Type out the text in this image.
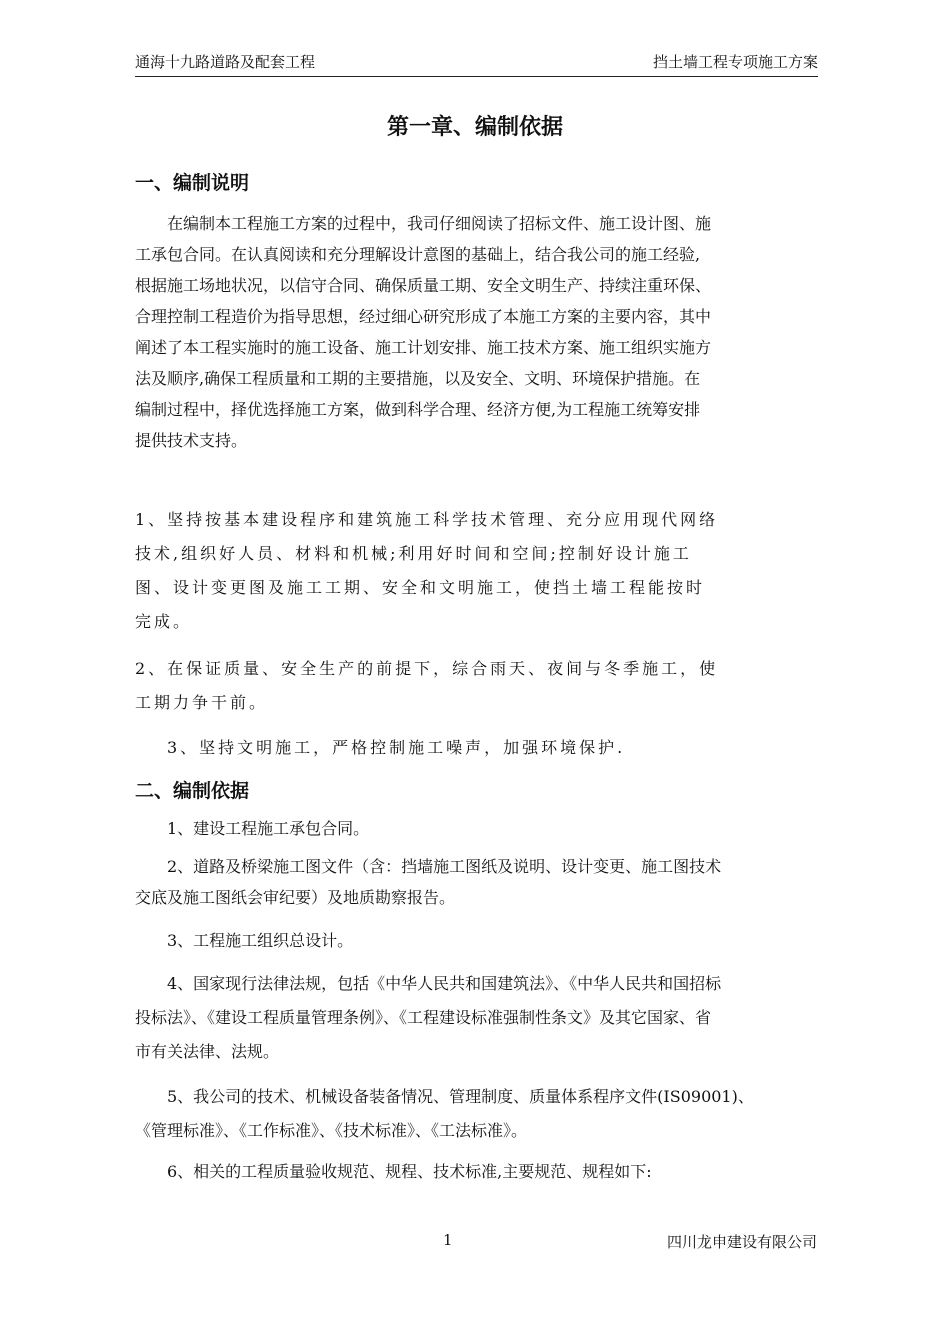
通海十九路道路及配套工程	挡土墙工程专项施工方案
第一章、编制依据
一、编制说明
在编制本工程施工方案的过程中，我司仔细阅读了招标文件、施工设计图、施
工承包合同。在认真阅读和充分理解设计意图的基础上，结合我公司的施工经验,
根据施工场地状况，以信守合同、确保质量工期、安全文明生产、持续注重环保、
合理控制工程造价为指导思想，经过细心研究形成了本施工方案的主要内容，其中
阐述了本工程实施时的施工设备、施工计划安排、施工技术方案、施工组织实施方
法及顺序,确保工程质量和工期的主要措施，以及安全、文明、环境保护措施。在
编制过程中，择优选择施工方案，做到科学合理、经济方便,为工程施工统筹安排
提供技术支持。
1、坚持按基本建设程序和建筑施工科学技术管理、充分应用现代网络
技术,组织好人员、材料和机械;利用好时间和空间;控制好设计施工
图、设计变更图及施工工期、安全和文明施工，使挡土墙工程能按时
完成。
2、在保证质量、安全生产的前提下，综合雨天、夜间与冬季施工，使
工期力争干前。
3、坚持文明施工，严格控制施工噪声，加强环境保护.
二、编制依据
1、建设工程施工承包合同。
2、道路及桥梁施工图文件（含：挡墙施工图纸及说明、设计变更、施工图技术
交底及施工图纸会审纪要）及地质勘察报告。
3、工程施工组织总设计。
4、国家现行法律法规，包括《中华人民共和国建筑法》、《中华人民共和国招标
投标法》、《建设工程质量管理条例》、《工程建设标准强制性条文》及其它国家、省
市有关法律、法规。
5、我公司的技术、机械设备装备情况、管理制度、质量体系程序文件(IS09001)、
《管理标准》、《工作标准》、《技术标准》、《工法标准》。
6、相关的工程质量验收规范、规程、技术标准,主要规范、规程如下:
1	四川龙申建设有限公司
